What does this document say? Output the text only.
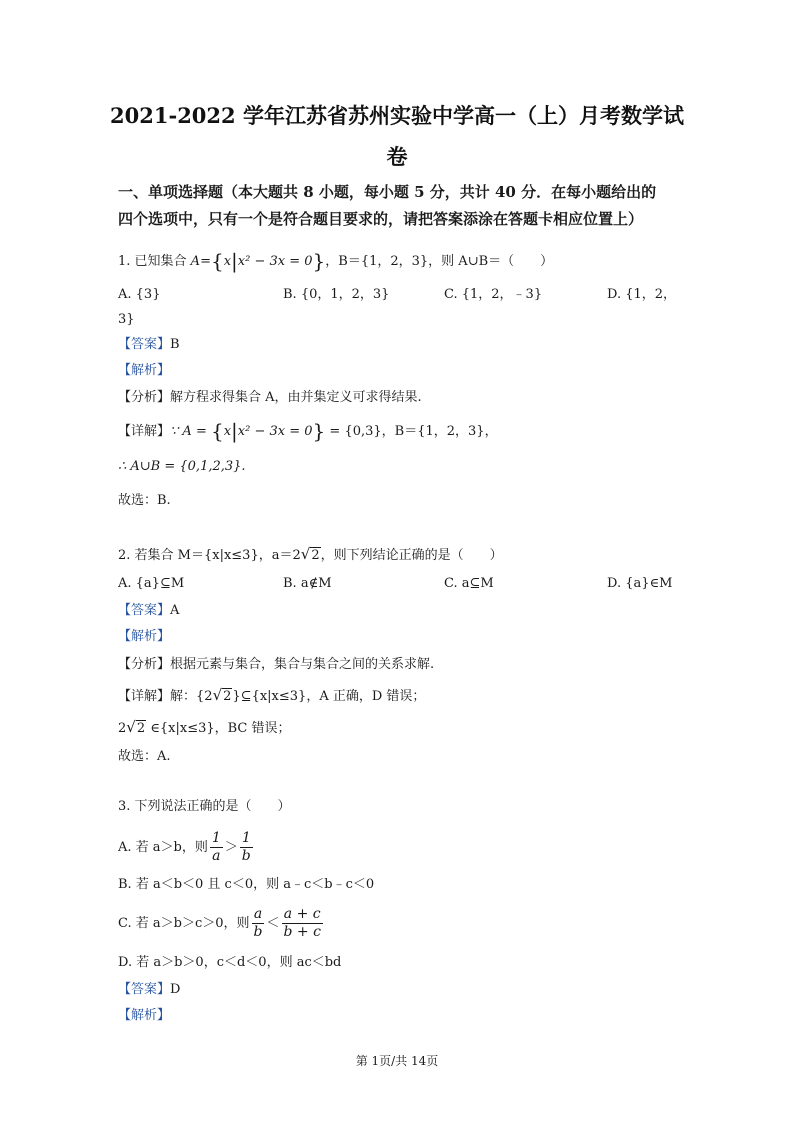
2021-2022 学年江苏省苏州实验中学高一（上）月考数学试
卷
一、单项选择题（本大题共 8 小题，每小题 5 分，共计 40 分．在每小题给出的
四个选项中，只有一个是符合题目要求的，请把答案添涂在答题卡相应位置上）
1. 已知集合 A={x|x² − 3x = 0}，B＝{1，2，3}，则 A∪B＝（　　）
A. {3}	B. {0，1，2，3}	C. {1，2，﹣3}	D. {1，2，
3}
【答案】B
【解析】
【分析】解方程求得集合 A，由并集定义可求得结果.
【详解】∵ A = {x|x² − 3x = 0} = {0,3}，B＝{1，2，3}，
∴ A∪B = {0,1,2,3}.
故选：B.
2. 若集合 M＝{x|x≤3}，a＝2√2，则下列结论正确的是（　　）
A. {a}⊆M	B. a∉M	C. a⊆M	D. {a}∈M
【答案】A
【解析】
【分析】根据元素与集合，集合与集合之间的关系求解.
【详解】解：{2√2}⊆{x|x≤3}，A 正确，D 错误；
2√2 ∈{x|x≤3}，BC 错误；
故选：A.
3. 下列说法正确的是（　　）
A. 若 a＞b，则 $\frac{1}{a} > \frac{1}{b}$
B. 若 a＜b＜0 且 c＜0，则 a﹣c＜b﹣c＜0
C. 若 a＞b＞c＞0，则 $\frac{a}{b} < \frac{a + c}{b + c}$
D. 若 a＞b＞0，c＜d＜0，则 ac＜bd
【答案】D
【解析】
第 1页/共 14页
